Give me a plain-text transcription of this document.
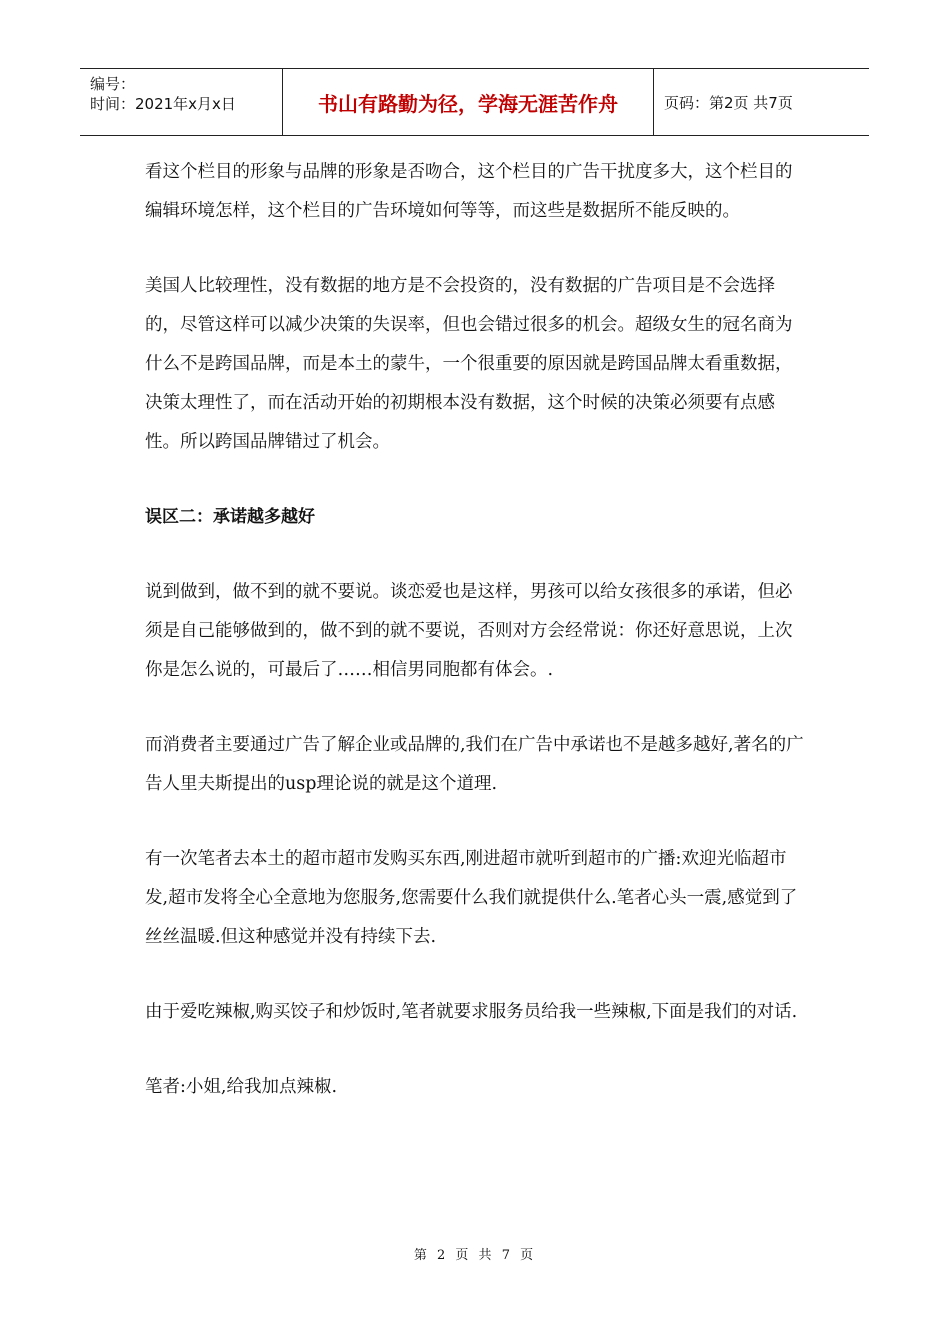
编号：
时间：2021年x月x日	书山有路勤为径，学海无涯苦作舟	页码：第2页 共7页

看这个栏目的形象与品牌的形象是否吻合，这个栏目的广告干扰度多大，这个栏目的编辑环境怎样，这个栏目的广告环境如何等等，而这些是数据所不能反映的。

美国人比较理性，没有数据的地方是不会投资的，没有数据的广告项目是不会选择的，尽管这样可以减少决策的失误率，但也会错过很多的机会。超级女生的冠名商为什么不是跨国品牌，而是本土的蒙牛，一个很重要的原因就是跨国品牌太看重数据，决策太理性了，而在活动开始的初期根本没有数据，这个时候的决策必须要有点感性。所以跨国品牌错过了机会。

误区二：承诺越多越好

说到做到，做不到的就不要说。谈恋爱也是这样，男孩可以给女孩很多的承诺，但必须是自己能够做到的，做不到的就不要说，否则对方会经常说：你还好意思说，上次你是怎么说的，可最后了……相信男同胞都有体会。.

而消费者主要通过广告了解企业或品牌的,我们在广告中承诺也不是越多越好,著名的广告人里夫斯提出的usp理论说的就是这个道理.

有一次笔者去本土的超市超市发购买东西,刚进超市就听到超市的广播:欢迎光临超市发,超市发将全心全意地为您服务,您需要什么我们就提供什么.笔者心头一震,感觉到了丝丝温暖.但这种感觉并没有持续下去.

由于爱吃辣椒,购买饺子和炒饭时,笔者就要求服务员给我一些辣椒,下面是我们的对话.

笔者:小姐,给我加点辣椒.

第 2 页 共 7 页
